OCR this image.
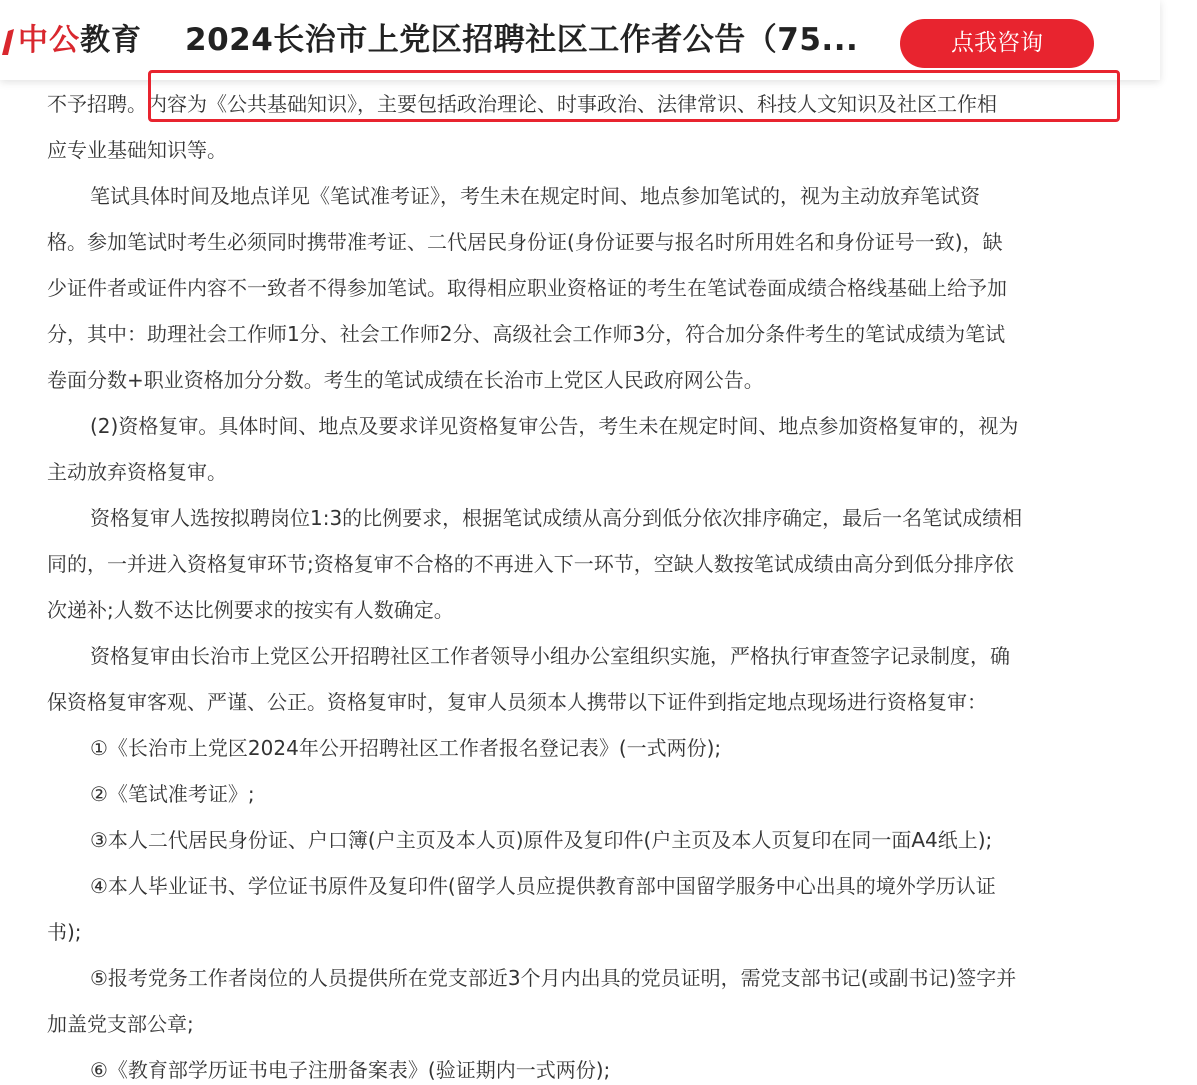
中公教育 2024长治市上党区招聘社区工作者公告（75...	点我咨询
不予招聘。内容为《公共基础知识》，主要包括政治理论、时事政治、法律常识、科技人文知识及社区工作相
应专业基础知识等。
笔试具体时间及地点详见《笔试准考证》，考生未在规定时间、地点参加笔试的，视为主动放弃笔试资
格。参加笔试时考生必须同时携带准考证、二代居民身份证(身份证要与报名时所用姓名和身份证号一致)，缺
少证件者或证件内容不一致者不得参加笔试。取得相应职业资格证的考生在笔试卷面成绩合格线基础上给予加
分，其中：助理社会工作师1分、社会工作师2分、高级社会工作师3分，符合加分条件考生的笔试成绩为笔试
卷面分数+职业资格加分分数。考生的笔试成绩在长治市上党区人民政府网公告。
(2)资格复审。具体时间、地点及要求详见资格复审公告，考生未在规定时间、地点参加资格复审的，视为
主动放弃资格复审。
资格复审人选按拟聘岗位1:3的比例要求，根据笔试成绩从高分到低分依次排序确定，最后一名笔试成绩相
同的，一并进入资格复审环节;资格复审不合格的不再进入下一环节，空缺人数按笔试成绩由高分到低分排序依
次递补;人数不达比例要求的按实有人数确定。
资格复审由长治市上党区公开招聘社区工作者领导小组办公室组织实施，严格执行审查签字记录制度，确
保资格复审客观、严谨、公正。资格复审时，复审人员须本人携带以下证件到指定地点现场进行资格复审：
①《长治市上党区2024年公开招聘社区工作者报名登记表》(一式两份);
②《笔试准考证》;
③本人二代居民身份证、户口簿(户主页及本人页)原件及复印件(户主页及本人页复印在同一面A4纸上);
④本人毕业证书、学位证书原件及复印件(留学人员应提供教育部中国留学服务中心出具的境外学历认证
书);
⑤报考党务工作者岗位的人员提供所在党支部近3个月内出具的党员证明，需党支部书记(或副书记)签字并
加盖党支部公章;
⑥《教育部学历证书电子注册备案表》(验证期内一式两份);
